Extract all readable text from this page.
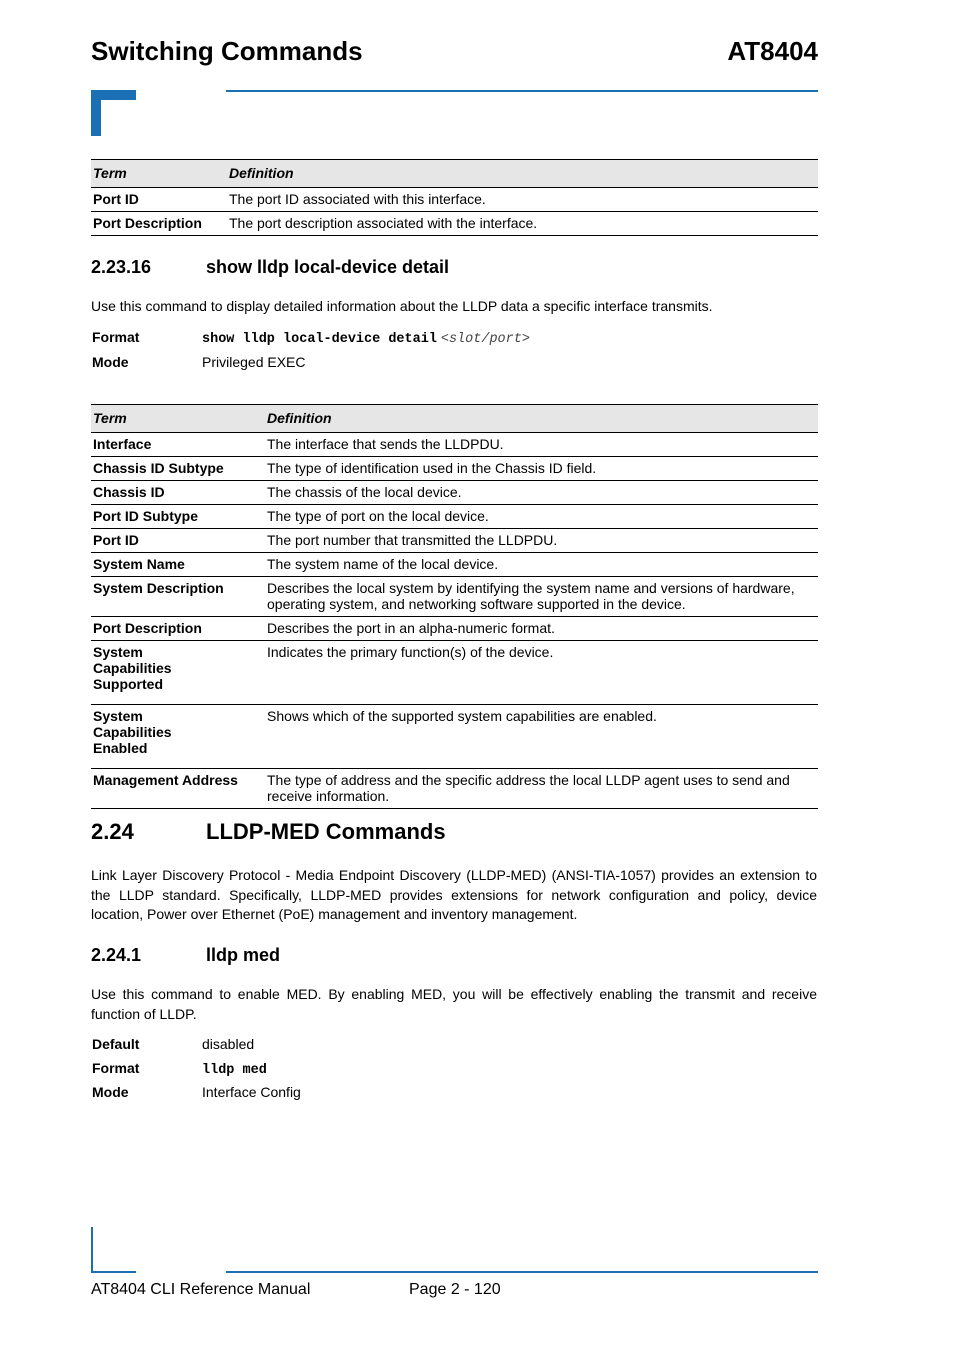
Switching Commands	AT8404
Term	Definition
Port ID	The port ID associated with this interface.
Port Description	The port description associated with the interface.
2.23.16	show lldp local-device detail
Use this command to display detailed information about the LLDP data a specific interface transmits.
Format	show lldp local-device detail <slot/port>
Mode	Privileged EXEC
Term	Definition
Interface	The interface that sends the LLDPDU.
Chassis ID Subtype	The type of identification used in the Chassis ID field.
Chassis ID	The chassis of the local device.
Port ID Subtype	The type of port on the local device.
Port ID	The port number that transmitted the LLDPDU.
System Name	The system name of the local device.
System Description	Describes the local system by identifying the system name and versions of hardware, operating system, and networking software supported in the device.
Port Description	Describes the port in an alpha-numeric format.
System Capabilities Supported	Indicates the primary function(s) of the device.
System Capabilities Enabled	Shows which of the supported system capabilities are enabled.
Management Address	The type of address and the specific address the local LLDP agent uses to send and receive information.
2.24	LLDP-MED Commands
Link Layer Discovery Protocol - Media Endpoint Discovery (LLDP-MED) (ANSI-TIA-1057) provides an extension to the LLDP standard. Specifically, LLDP-MED provides extensions for network configuration and policy, device location, Power over Ethernet (PoE) management and inventory management.
2.24.1	lldp med
Use this command to enable MED. By enabling MED, you will be effectively enabling the transmit and receive function of LLDP.
Default	disabled
Format	lldp med
Mode	Interface Config
AT8404 CLI Reference Manual	Page 2 - 120
